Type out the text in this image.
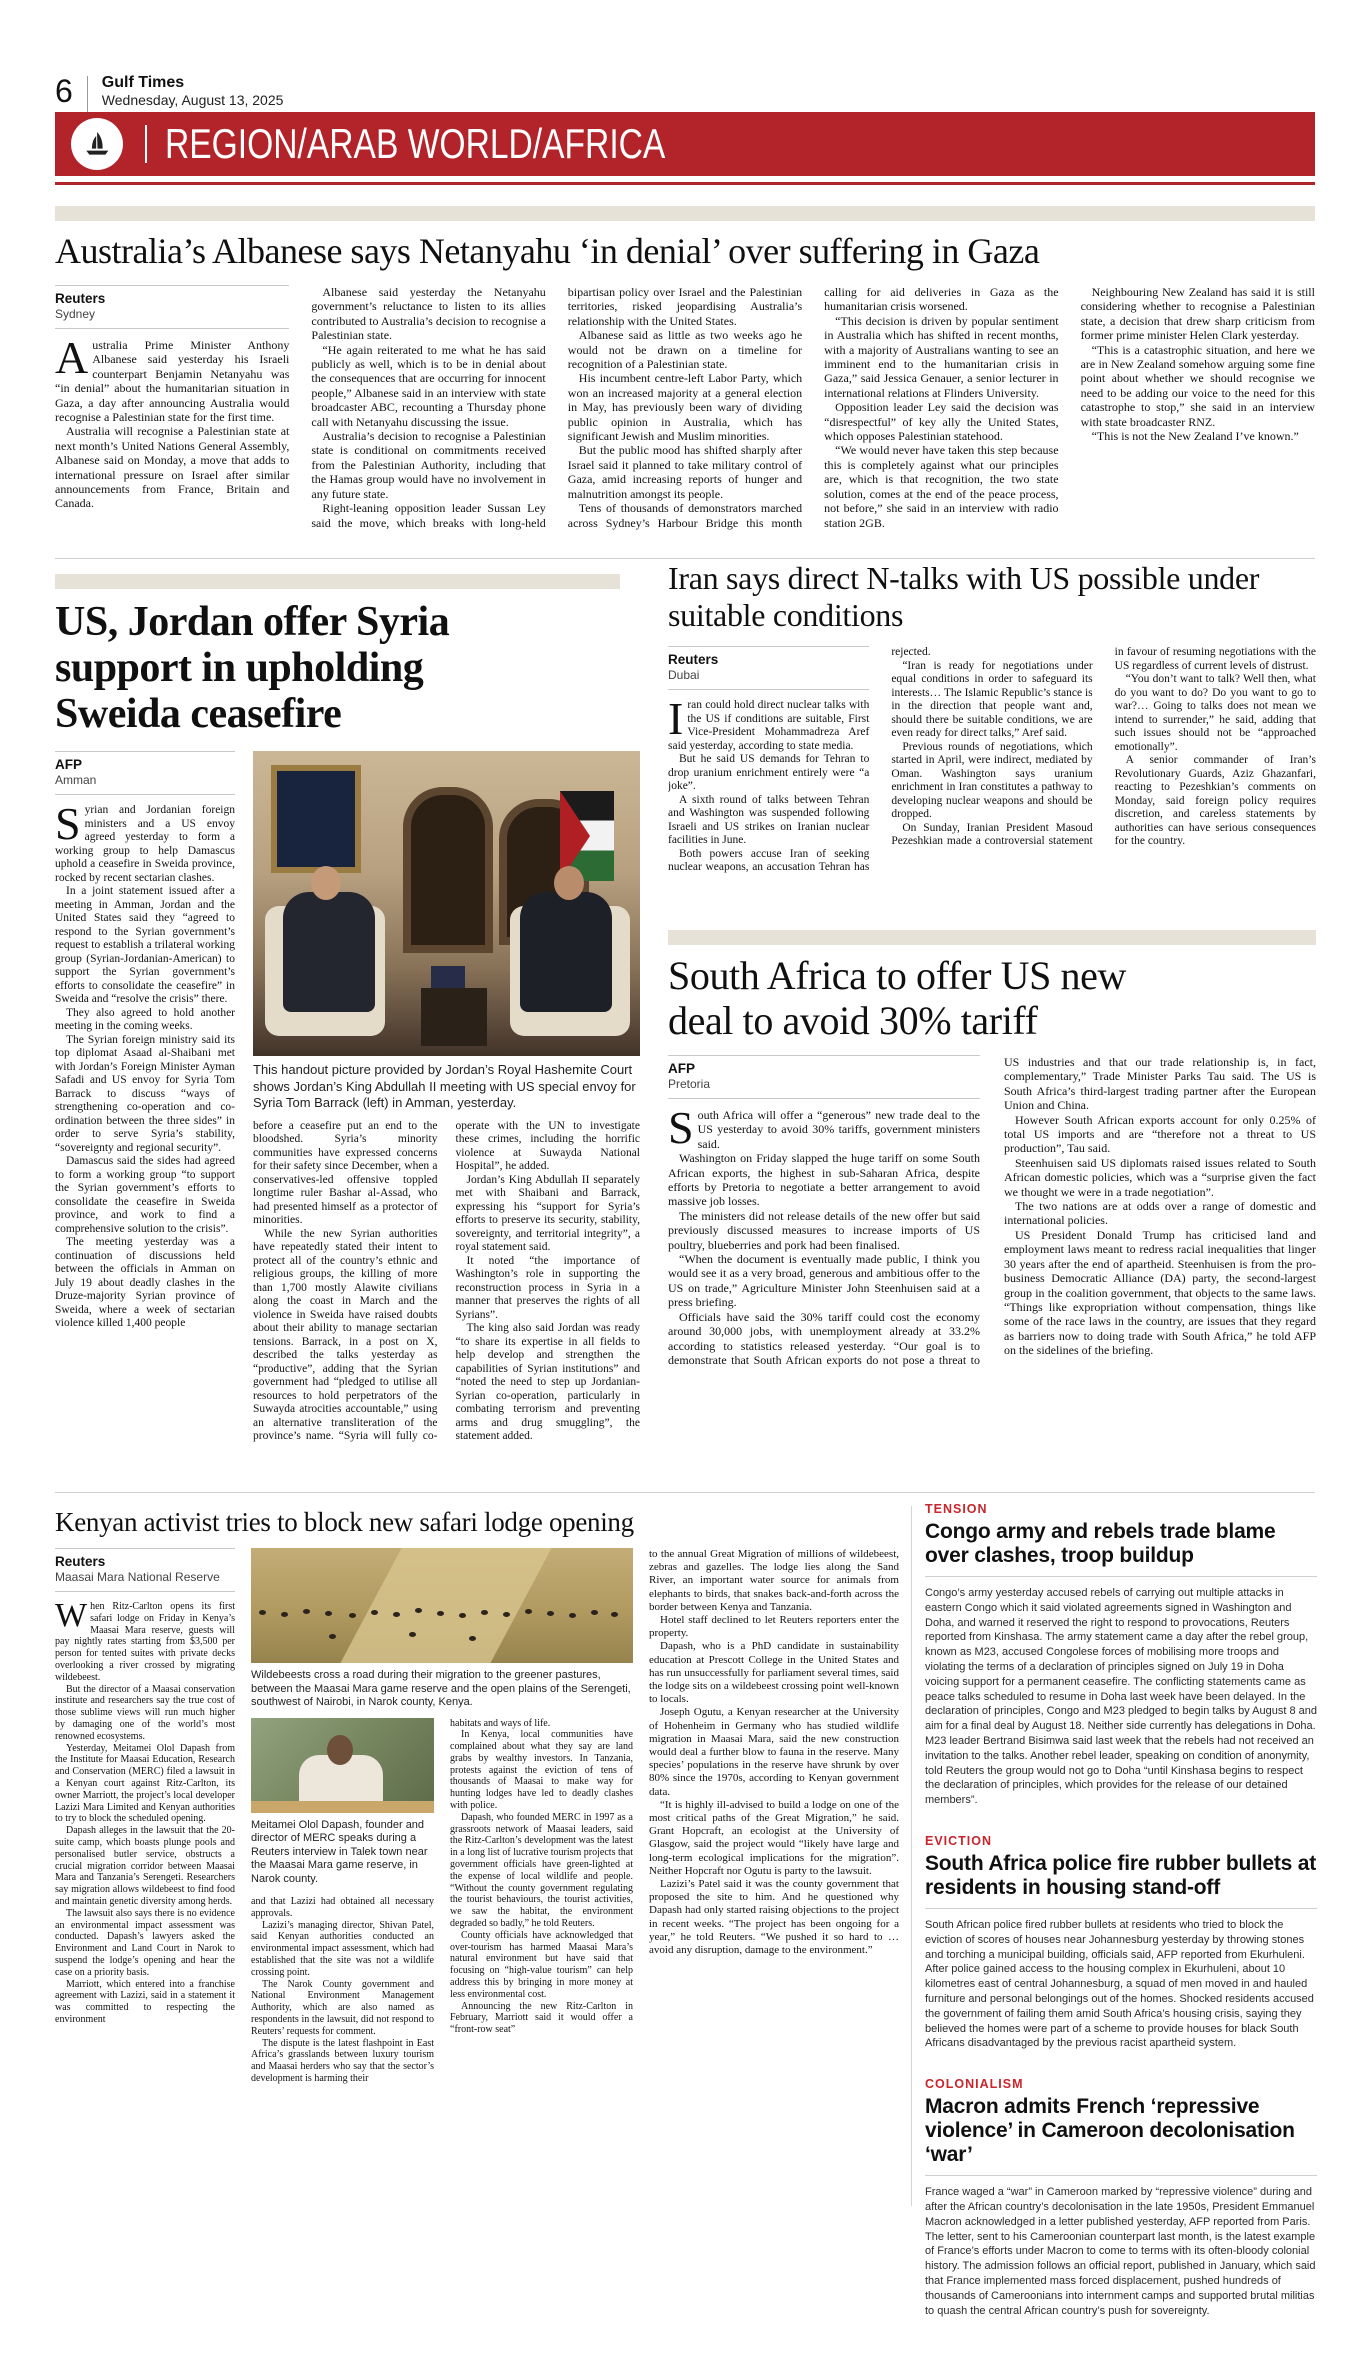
6 Gulf Times
Wednesday, August 13, 2025
REGION/ARAB WORLD/AFRICA
Australia’s Albanese says Netanyahu ‘in denial’ over suffering in Gaza
Reuters
Sydney

Australia Prime Minister Anthony Albanese said yesterday his Israeli counterpart Benjamin Netanyahu was “in denial” about the humanitarian situation in Gaza, a day after announcing Australia would recognise a Palestinian state for the first time.

Australia will recognise a Palestinian state at next month’s United Nations General Assembly, Albanese said on Monday, a move that adds to international pressure on Israel after similar announcements from France, Britain and Canada.

Albanese said yesterday the Netanyahu government’s reluctance to listen to its allies contributed to Australia’s decision to recognise a Palestinian state.

“He again reiterated to me what he has said publicly as well, which is to be in denial about the consequences that are occurring for innocent people,” Albanese said in an interview with state broadcaster ABC, recounting a Thursday phone call with Netanyahu discussing the issue.

Australia’s decision to recognise a Palestinian state is conditional on commitments received from the Palestinian Authority, including that the Hamas group would have no involvement in any future state.

Right-leaning opposition leader Sussan Ley said the move, which breaks with long-held bipartisan policy over Israel and the Palestinian territories, risked jeopardising Australia’s relationship with the United States.

Albanese said as little as two weeks ago he would not be drawn on a timeline for recognition of a Palestinian state.

His incumbent centre-left Labor Party, which won an increased majority at a general election in May, has previously been wary of dividing public opinion in Australia, which has significant Jewish and Muslim minorities.

But the public mood has shifted sharply after Israel said it planned to take military control of Gaza, amid increasing reports of hunger and malnutrition amongst its people.

Tens of thousands of demonstrators marched across Sydney’s Harbour Bridge this month calling for aid deliveries in Gaza as the humanitarian crisis worsened.

“This decision is driven by popular sentiment in Australia which has shifted in recent months, with a majority of Australians wanting to see an imminent end to the humanitarian crisis in Gaza,” said Jessica Genauer, a senior lecturer in international relations at Flinders University.

Opposition leader Ley said the decision was “disrespectful” of key ally the United States, which opposes Palestinian statehood.

“We would never have taken this step because this is completely against what our principles are, which is that recognition, the two state solution, comes at the end of the peace process, not before,” she said in an interview with radio station 2GB.

Neighbouring New Zealand has said it is still considering whether to recognise a Palestinian state, a decision that drew sharp criticism from former prime minister Helen Clark yesterday.

“This is a catastrophic situation, and here we are in New Zealand somehow arguing some fine point about whether we should recognise we need to be adding our voice to the need for this catastrophe to stop,” she said in an interview with state broadcaster RNZ.

“This is not the New Zealand I’ve known.”

US, Jordan offer Syria support in upholding Sweida ceasefire
AFP
Amman

Syrian and Jordanian foreign ministers and a US envoy agreed yesterday to form a working group to help Damascus uphold a ceasefire in Sweida province, rocked by recent sectarian clashes.

In a joint statement issued after a meeting in Amman, Jordan and the United States said they “agreed to respond to the Syrian government’s request to establish a trilateral working group (Syrian-Jordanian-American) to support the Syrian government’s efforts to consolidate the ceasefire” in Sweida and “resolve the crisis” there.

They also agreed to hold another meeting in the coming weeks.

The Syrian foreign ministry said its top diplomat Asaad al-Shaibani met with Jordan’s Foreign Minister Ayman Safadi and US envoy for Syria Tom Barrack to discuss “ways of strengthening co-operation and co-ordination between the three sides” in order to serve Syria’s stability, “sovereignty and regional security”.

Damascus said the sides had agreed to form a working group “to support the Syrian government’s efforts to consolidate the ceasefire in Sweida province, and work to find a comprehensive solution to the crisis”.

The meeting yesterday was a continuation of discussions held between the officials in Amman on July 19 about deadly clashes in the Druze-majority Syrian province of Sweida, where a week of sectarian violence killed 1,400 people

This handout picture provided by Jordan’s Royal Hashemite Court shows Jordan’s King Abdullah II meeting with US special envoy for Syria Tom Barrack (left) in Amman, yesterday.

before a ceasefire put an end to the bloodshed. Syria’s minority communities have expressed concerns for their safety since December, when a conservatives-led offensive toppled longtime ruler Bashar al-Assad, who had presented himself as a protector of minorities.

While the new Syrian authorities have repeatedly stated their intent to protect all of the country’s ethnic and religious groups, the killing of more than 1,700 mostly Alawite civilians along the coast in March and the violence in Sweida have raised doubts about their ability to manage sectarian tensions. Barrack, in a post on X, described the talks yesterday as “productive”, adding that the Syrian government had “pledged to utilise all resources to hold perpetrators of the Suwayda atrocities accountable,” using an alternative transliteration of the province’s name. “Syria will fully co-operate with the UN to investigate these crimes, including the horrific violence at Suwayda National Hospital”, he added.

Jordan’s King Abdullah II separately met with Shaibani and Barrack, expressing his “support for Syria’s efforts to preserve its security, stability, sovereignty, and territorial integrity”, a royal statement said.

It noted “the importance of Washington’s role in supporting the reconstruction process in Syria in a manner that preserves the rights of all Syrians”.

The king also said Jordan was ready “to share its expertise in all fields to help develop and strengthen the capabilities of Syrian institutions” and “noted the need to step up Jordanian-Syrian co-operation, particularly in combating terrorism and preventing arms and drug smuggling”, the statement added.

Iran says direct N-talks with US possible under suitable conditions
Reuters
Dubai

Iran could hold direct nuclear talks with the US if conditions are suitable, First Vice-President Mohammadreza Aref said yesterday, according to state media.

But he said US demands for Tehran to drop uranium enrichment entirely were “a joke”.

A sixth round of talks between Tehran and Washington was suspended following Israeli and US strikes on Iranian nuclear facilities in June.

Both powers accuse Iran of seeking nuclear weapons, an accusation Tehran has rejected.

“Iran is ready for negotiations under equal conditions in order to safeguard its interests… The Islamic Republic’s stance is in the direction that people want and, should there be suitable conditions, we are even ready for direct talks,” Aref said.

Previous rounds of negotiations, which started in April, were indirect, mediated by Oman. Washington says uranium enrichment in Iran constitutes a pathway to developing nuclear weapons and should be dropped.

On Sunday, Iranian President Masoud Pezeshkian made a controversial statement in favour of resuming negotiations with the US regardless of current levels of distrust.

“You don’t want to talk? Well then, what do you want to do? Do you want to go to war?… Going to talks does not mean we intend to surrender,” he said, adding that such issues should not be “approached emotionally”.

A senior commander of Iran’s Revolutionary Guards, Aziz Ghazanfari, reacting to Pezeshkian’s comments on Monday, said foreign policy requires discretion, and careless statements by authorities can have serious consequences for the country.

South Africa to offer US new deal to avoid 30% tariff
AFP
Pretoria

South Africa will offer a “generous” new trade deal to the US yesterday to avoid 30% tariffs, government ministers said.

Washington on Friday slapped the huge tariff on some South African exports, the highest in sub-Saharan Africa, despite efforts by Pretoria to negotiate a better arrangement to avoid massive job losses.

The ministers did not release details of the new offer but said previously discussed measures to increase imports of US poultry, blueberries and pork had been finalised.

“When the document is eventually made public, I think you would see it as a very broad, generous and ambitious offer to the US on trade,” Agriculture Minister John Steenhuisen said at a press briefing.

Officials have said the 30% tariff could cost the economy around 30,000 jobs, with unemployment already at 33.2% according to statistics released yesterday. “Our goal is to demonstrate that South African exports do not pose a threat to US industries and that our trade relationship is, in fact, complementary,” Trade Minister Parks Tau said. The US is South Africa’s third-largest trading partner after the European Union and China.

However South African exports account for only 0.25% of total US imports and are “therefore not a threat to US production”, Tau said.

Steenhuisen said US diplomats raised issues related to South African domestic policies, which was a “surprise given the fact we thought we were in a trade negotiation”.

The two nations are at odds over a range of domestic and international policies.

US President Donald Trump has criticised land and employment laws meant to redress racial inequalities that linger 30 years after the end of apartheid. Steenhuisen is from the pro-business Democratic Alliance (DA) party, the second-largest group in the coalition government, that objects to the same laws. “Things like expropriation without compensation, things like some of the race laws in the country, are issues that they regard as barriers now to doing trade with South Africa,” he told AFP on the sidelines of the briefing.

Kenyan activist tries to block new safari lodge opening
Reuters
Maasai Mara National Reserve

When Ritz-Carlton opens its first safari lodge on Friday in Kenya’s Maasai Mara reserve, guests will pay nightly rates starting from $3,500 per person for tented suites with private decks overlooking a river crossed by migrating wildebeest.

But the director of a Maasai conservation institute and researchers say the true cost of those sublime views will run much higher by damaging one of the world’s most renowned ecosystems.

Yesterday, Meitamei Olol Dapash from the Institute for Maasai Education, Research and Conservation (MERC) filed a lawsuit in a Kenyan court against Ritz-Carlton, its owner Marriott, the project’s local developer Lazizi Mara Limited and Kenyan authorities to try to block the scheduled opening.

Dapash alleges in the lawsuit that the 20-suite camp, which boasts plunge pools and personalised butler service, obstructs a crucial migration corridor between Maasai Mara and Tanzania’s Serengeti. Researchers say migration allows wildebeest to find food and maintain genetic diversity among herds.

The lawsuit also says there is no evidence an environmental impact assessment was conducted. Dapash’s lawyers asked the Environment and Land Court in Narok to suspend the lodge’s opening and hear the case on a priority basis.

Marriott, which entered into a franchise agreement with Lazizi, said in a statement it was committed to respecting the environment

Wildebeests cross a road during their migration to the greener pastures, between the Maasai Mara game reserve and the open plains of the Serengeti, southwest of Nairobi, in Narok county, Kenya.
Meitamei Olol Dapash, founder and director of MERC speaks during a Reuters interview in Talek town near the Maasai Mara game reserve, in Narok county.

and that Lazizi had obtained all necessary approvals.

Lazizi’s managing director, Shivan Patel, said Kenyan authorities conducted an environmental impact assessment, which had established that the site was not a wildlife crossing point.

The Narok County government and National Environment Management Authority, which are also named as respondents in the lawsuit, did not respond to Reuters’ requests for comment.

The dispute is the latest flashpoint in East Africa’s grasslands between luxury tourism and Maasai herders who say that the sector’s development is harming their

habitats and ways of life.

In Kenya, local communities have complained about what they say are land grabs by wealthy investors. In Tanzania, protests against the eviction of tens of thousands of Maasai to make way for hunting lodges have led to deadly clashes with police.

Dapash, who founded MERC in 1997 as a grassroots network of Maasai leaders, said the Ritz-Carlton’s development was the latest in a long list of lucrative tourism projects that government officials have green-lighted at the expense of local wildlife and people. “Without the county government regulating the tourist behaviours, the tourist activities, we saw the habitat, the environment degraded so badly,” he told Reuters.

County officials have acknowledged that over-tourism has harmed Maasai Mara’s natural environment but have said that focusing on “high-value tourism” can help address this by bringing in more money at less environmental cost.

Announcing the new Ritz-Carlton in February, Marriott said it would offer a “front-row seat”

to the annual Great Migration of millions of wildebeest, zebras and gazelles. The lodge lies along the Sand River, an important water source for animals from elephants to birds, that snakes back-and-forth across the border between Kenya and Tanzania.

Hotel staff declined to let Reuters reporters enter the property.

Dapash, who is a PhD candidate in sustainability education at Prescott College in the United States and has run unsuccessfully for parliament several times, said the lodge sits on a wildebeest crossing point well-known to locals.

Joseph Ogutu, a Kenyan researcher at the University of Hohenheim in Germany who has studied wildlife migration in Maasai Mara, said the new construction would deal a further blow to fauna in the reserve. Many species’ populations in the reserve have shrunk by over 80% since the 1970s, according to Kenyan government data.

“It is highly ill-advised to build a lodge on one of the most critical paths of the Great Migration,” he said. Grant Hopcraft, an ecologist at the University of Glasgow, said the project would “likely have large and long-term ecological implications for the migration”. Neither Hopcraft nor Ogutu is party to the lawsuit.

Lazizi’s Patel said it was the county government that proposed the site to him. And he questioned why Dapash had only started raising objections to the project in recent weeks. “The project has been ongoing for a year,” he told Reuters. “We pushed it so hard to … avoid any disruption, damage to the environment.”

TENSION
Congo army and rebels trade blame over clashes, troop buildup
Congo’s army yesterday accused rebels of carrying out multiple attacks in eastern Congo which it said violated agreements signed in Washington and Doha, and warned it reserved the right to respond to provocations, Reuters reported from Kinshasa. The army statement came a day after the rebel group, known as M23, accused Congolese forces of mobilising more troops and violating the terms of a declaration of principles signed on July 19 in Doha voicing support for a permanent ceasefire. The conflicting statements came as peace talks scheduled to resume in Doha last week have been delayed. In the declaration of principles, Congo and M23 pledged to begin talks by August 8 and aim for a final deal by August 18. Neither side currently has delegations in Doha. M23 leader Bertrand Bisimwa said last week that the rebels had not received an invitation to the talks. Another rebel leader, speaking on condition of anonymity, told Reuters the group would not go to Doha “until Kinshasa begins to respect the declaration of principles, which provides for the release of our detained members”.
EVICTION
South Africa police fire rubber bullets at residents in housing stand-off
South African police fired rubber bullets at residents who tried to block the eviction of scores of houses near Johannesburg yesterday by throwing stones and torching a municipal building, officials said, AFP reported from Ekurhuleni. After police gained access to the housing complex in Ekurhuleni, about 10 kilometres east of central Johannesburg, a squad of men moved in and hauled furniture and personal belongings out of the homes. Shocked residents accused the government of failing them amid South Africa’s housing crisis, saying they believed the homes were part of a scheme to provide houses for black South Africans disadvantaged by the previous racist apartheid system.
COLONIALISM
Macron admits French ‘repressive violence’ in Cameroon decolonisation ‘war’
France waged a “war” in Cameroon marked by “repressive violence” during and after the African country’s decolonisation in the late 1950s, President Emmanuel Macron acknowledged in a letter published yesterday, AFP reported from Paris. The letter, sent to his Cameroonian counterpart last month, is the latest example of France’s efforts under Macron to come to terms with its often-bloody colonial history. The admission follows an official report, published in January, which said that France implemented mass forced displacement, pushed hundreds of thousands of Cameroonians into internment camps and supported brutal militias to quash the central African country’s push for sovereignty.
